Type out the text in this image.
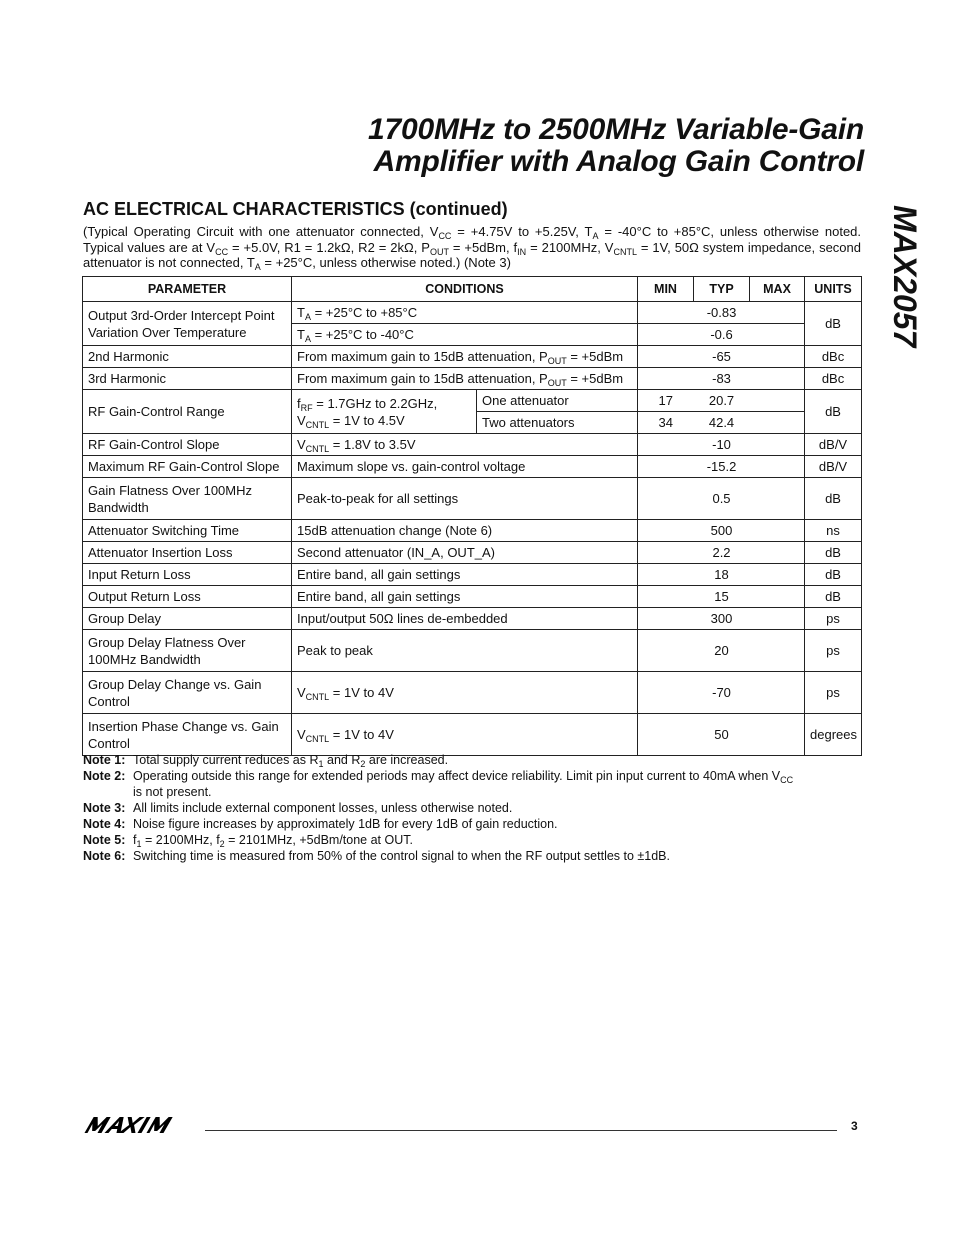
1700MHz to 2500MHz Variable-Gain
Amplifier with Analog Gain Control
MAX2057
AC ELECTRICAL CHARACTERISTICS (continued)
(Typical Operating Circuit with one attenuator connected, $V_{CC} = +4.75V$ to +5.25V, $T_A = -40^\circ C$ to +85°C, unless otherwise noted. Typical values are at $V_{CC} = +5.0V$, R1 = 1.2kΩ, R2 = 2kΩ, $P_{OUT} = +5dBm$, $f_{IN} = 2100MHz$, $V_{CNTL} = 1V$, 50Ω system impedance, second attenuator is not connected, $T_A = +25^\circ C$, unless otherwise noted.) (Note 3)
PARAMETER	CONDITIONS		MIN	TYP	MAX	UNITS
Output 3rd-Order Intercept Point Variation Over Temperature	$T_A = +25^\circ C$ to +85°C			-0.83		dB
	$T_A = +25^\circ C$ to -40°C			-0.6		
2nd Harmonic	From maximum gain to 15dB attenuation, $P_{OUT} = +5dBm$			-65		dBc
3rd Harmonic	From maximum gain to 15dB attenuation, $P_{OUT} = +5dBm$			-83		dBc
RF Gain-Control Range	$f_{RF} = 1.7GHz$ to 2.2GHz,
$V_{CNTL} = 1V$ to 4.5V	One attenuator	17	20.7		dB
		Two attenuators	34	42.4		
RF Gain-Control Slope	$V_{CNTL} = 1.8V$ to 3.5V			-10		dB/V
Maximum RF Gain-Control Slope	Maximum slope vs. gain-control voltage			-15.2		dB/V
Gain Flatness Over 100MHz Bandwidth	Peak-to-peak for all settings			0.5		dB
Attenuator Switching Time	15dB attenuation change (Note 6)			500		ns
Attenuator Insertion Loss	Second attenuator (IN_A, OUT_A)			2.2		dB
Input Return Loss	Entire band, all gain settings			18		dB
Output Return Loss	Entire band, all gain settings			15		dB
Group Delay	Input/output 50Ω lines de-embedded			300		ps
Group Delay Flatness Over 100MHz Bandwidth	Peak to peak			20		ps
Group Delay Change vs. Gain Control	$V_{CNTL} = 1V$ to 4V			-70		ps
Insertion Phase Change vs. Gain Control	$V_{CNTL} = 1V$ to 4V			50		degrees
Note 1: Total supply current reduces as $R_1$ and $R_2$ are increased.
Note 2: Operating outside this range for extended periods may affect device reliability. Limit pin input current to 40mA when $V_{CC}$
is not present.
Note 3: All limits include external component losses, unless otherwise noted.
Note 4: Noise figure increases by approximately 1dB for every 1dB of gain reduction.
Note 5: $f_1 = 2100MHz$, $f_2 = 2101MHz$, +5dBm/tone at OUT.
Note 6: Switching time is measured from 50% of the control signal to when the RF output settles to ±1dB.
3
